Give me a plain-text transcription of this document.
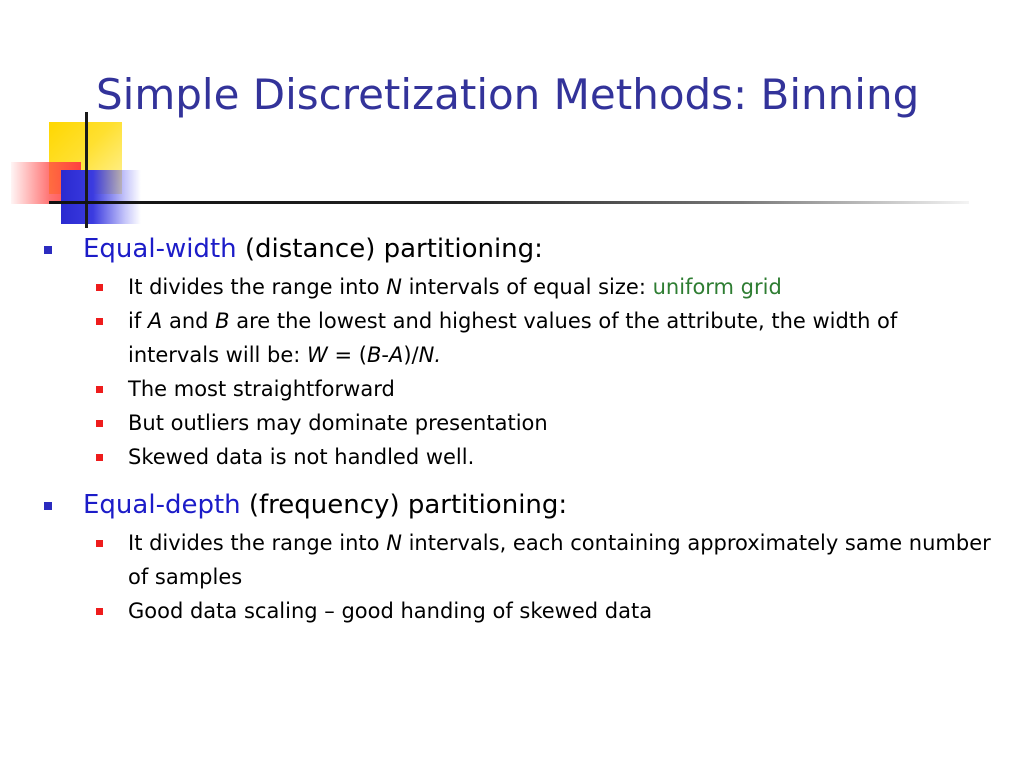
Simple Discretization Methods: Binning
Equal-width (distance) partitioning:
It divides the range into N intervals of equal size: uniform grid
if A and B are the lowest and highest values of the attribute, the width of intervals will be: W = (B-A)/N.
The most straightforward
But outliers may dominate presentation
Skewed data is not handled well.
Equal-depth (frequency) partitioning:
It divides the range into N intervals, each containing approximately same number of samples
Good data scaling – good handing of skewed data
